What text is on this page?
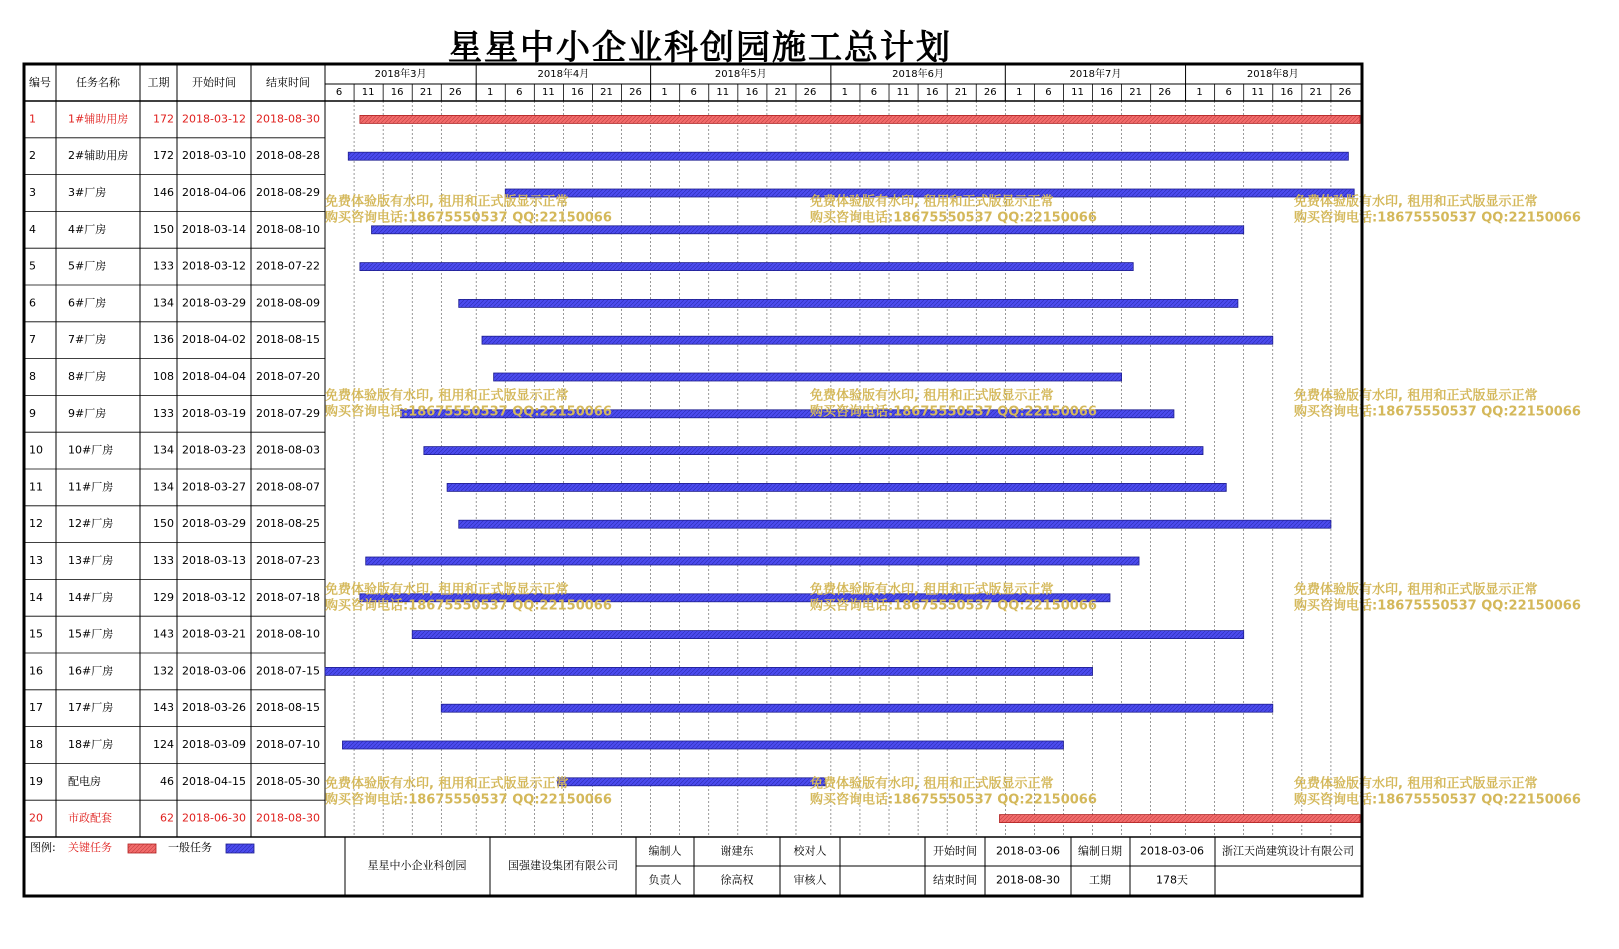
星星中小企业科创园施工总计划
6 11 16 21 26	1 6 11 16 21 26 1 6 11 16 21 26	1 6 11 16 21 26 1 6 11 16 21 26	1 6 11 16 21 26
2018年3月	2018年4月	2018年5月	2018年6月	2018年7月	2018年8月
编号 任务名称	工期 开始时间	结束时间
1	1#辅助用房 172 2018-03-12 2018-08-30
2	2#辅助用房 172 2018-03-10 2018-08-28
3	3#厂房	146 2018-04-06 2018-08-29
4	4#厂房	150 2018-03-14 2018-08-10
5	5#厂房	133 2018-03-12 2018-07-22
6	6#厂房	134 2018-03-29 2018-08-09
7	7#厂房	136 2018-04-02 2018-08-15
8	8#厂房	108 2018-04-04 2018-07-20
9	9#厂房	133 2018-03-19 2018-07-29
10 10#厂房	134 2018-03-23 2018-08-03
11 11#厂房	134 2018-03-27 2018-08-07
12 12#厂房	150 2018-03-29 2018-08-25
13 13#厂房	133 2018-03-13 2018-07-23
14 14#厂房	129 2018-03-12 2018-07-18
15 15#厂房	143 2018-03-21 2018-08-10
16 16#厂房	132 2018-03-06 2018-07-15
17 17#厂房	143 2018-03-26 2018-08-15
18 18#厂房	124 2018-03-09 2018-07-10
19 配电房	46 2018-04-15 2018-05-30
20 市政配套	62 2018-06-30 2018-08-30
图例: 关键任务	一般任务
星星中小企业科创园	国强建设集团有限公司
编制人	谢建东	校对人	开始时间 2018-03-06 编制日期 2018-03-06 浙江天尚建筑设计有限公司
负责人	徐高权	审核人	结束时间 2018-08-30	工期	178天
免费体验版有水印, 租用和正式版显示正常
购买咨询电话:18675550537 QQ:22150066
免费体验版有水印, 租用和正式版显示正常
购买咨询电话:18675550537 QQ:22150066
免费体验版有水印, 租用和正式版显示正常
购买咨询电话:18675550537 QQ:22150066
免费体验版有水印, 租用和正式版显示正常
购买咨询电话:18675550537 QQ:22150066
免费体验版有水印, 租用和正式版显示正常
购买咨询电话:18675550537 QQ:22150066
免费体验版有水印, 租用和正式版显示正常
购买咨询电话:18675550537 QQ:22150066
免费体验版有水印, 租用和正式版显示正常
购买咨询电话:18675550537 QQ:22150066
免费体验版有水印, 租用和正式版显示正常
购买咨询电话:18675550537 QQ:22150066
免费体验版有水印, 租用和正式版显示正常
购买咨询电话:18675550537 QQ:22150066
免费体验版有水印, 租用和正式版显示正常
购买咨询电话:18675550537 QQ:22150066
免费体验版有水印, 租用和正式版显示正常
购买咨询电话:18675550537 QQ:22150066
免费体验版有水印, 租用和正式版显示正常
购买咨询电话:18675550537 QQ:22150066
